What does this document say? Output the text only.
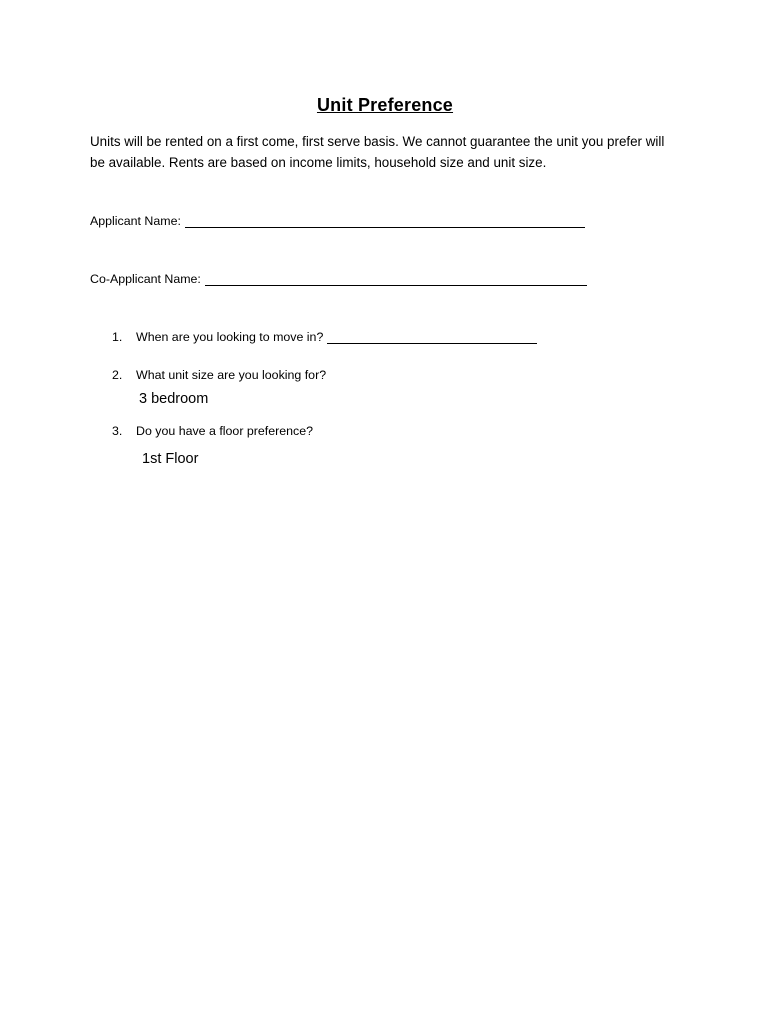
Unit Preference
Units will be rented on a first come, first serve basis. We cannot guarantee the unit you prefer will be available. Rents are based on income limits, household size and unit size.
Applicant Name:
Co-Applicant Name:
1.	When are you looking to move in?
2.	What unit size are you looking for?
3 bedroom
3.	Do you have a floor preference?
1st Floor
